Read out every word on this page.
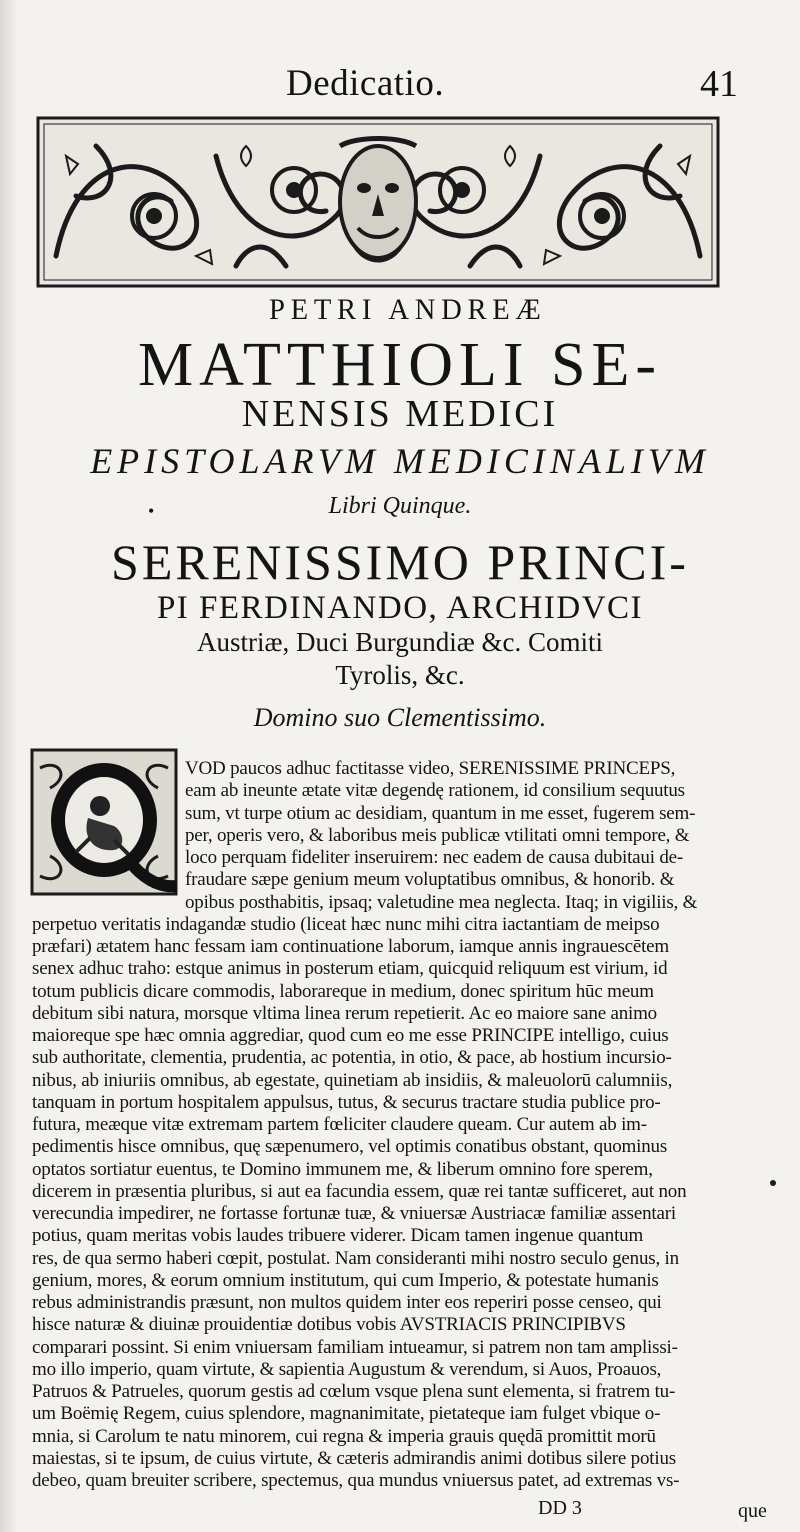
Dedicatio.	41
PETRI ANDREÆ
MATTHIOLI SE-
NENSIS MEDICI
EPISTOLARVM MEDICINALIVM
•	Libri Quinque.
SERENISSIMO PRINCI-
PI FERDINANDO, ARCHIDVCI
Austriæ, Duci Burgundiæ &c. Comiti
Tyrolis, &c.
Domino suo Clementissimo.
VOD paucos adhuc factitasse video, SERENISSIME PRINCEPS,
eam ab ineunte ætate vitæ degendę rationem, id consilium sequutus
sum, vt turpe otium ac desidiam, quantum in me esset, fugerem sem-
per, operis vero, & laboribus meis publicæ vtilitati omni tempore, &
loco perquam fideliter inseruirem: nec eadem de causa dubitaui de-
fraudare sæpe genium meum voluptatibus omnibus, & honorib. &
opibus posthabitis, ipsaq; valetudine mea neglecta. Itaq; in vigiliis, &
perpetuo veritatis indagandæ studio (liceat hæc nunc mihi citra iactantiam de meipso
præfari) ætatem hanc fessam iam continuatione laborum, iamque annis ingrauescētem
senex adhuc traho: estque animus in posterum etiam, quicquid reliquum est virium, id
totum publicis dicare commodis, laborareque in medium, donec spiritum hūc meum
debitum sibi natura, morsque vltima linea rerum repetierit. Ac eo maiore sane animo
maioreque spe hæc omnia aggrediar, quod cum eo me esse PRINCIPE intelligo, cuius
sub authoritate, clementia, prudentia, ac potentia, in otio, & pace, ab hostium incursio-
nibus, ab iniuriis omnibus, ab egestate, quinetiam ab insidiis, & maleuolorū calumniis,
tanquam in portum hospitalem appulsus, tutus, & securus tractare studia publice pro-
futura, meæque vitæ extremam partem fœliciter claudere queam. Cur autem ab im-
pedimentis hisce omnibus, quę sæpenumero, vel optimis conatibus obstant, quominus
optatos sortiatur euentus, te Domino immunem me, & liberum omnino fore sperem,
dicerem in præsentia pluribus, si aut ea facundia essem, quæ rei tantæ sufficeret, aut non
verecundia impedirer, ne fortasse fortunæ tuæ, & vniuersæ Austriacæ familiæ assentari
potius, quam meritas vobis laudes tribuere viderer. Dicam tamen ingenue quantum
res, de qua sermo haberi cœpit, postulat. Nam consideranti mihi nostro seculo genus, in
genium, mores, & eorum omnium institutum, qui cum Imperio, & potestate humanis
rebus administrandis præsunt, non multos quidem inter eos reperiri posse censeo, qui
hisce naturæ & diuinæ prouidentiæ dotibus vobis AVSTRIACIS PRINCIPIBVS
comparari possint. Si enim vniuersam familiam intueamur, si patrem non tam amplissi-
mo illo imperio, quam virtute, & sapientia Augustum & verendum, si Auos, Proauos,
Patruos & Patrueles, quorum gestis ad cœlum vsque plena sunt elementa, si fratrem tu-
um Boëmię Regem, cuius splendore, magnanimitate, pietateque iam fulget vbique o-
mnia, si Carolum te natu minorem, cui regna & imperia grauis quędā promittit morū
maiestas, si te ipsum, de cuius virtute, & cæteris admirandis animi dotibus silere potius
debeo, quam breuiter scribere, spectemus, qua mundus vniuersus patet, ad extremas vs-
DD 3	que
